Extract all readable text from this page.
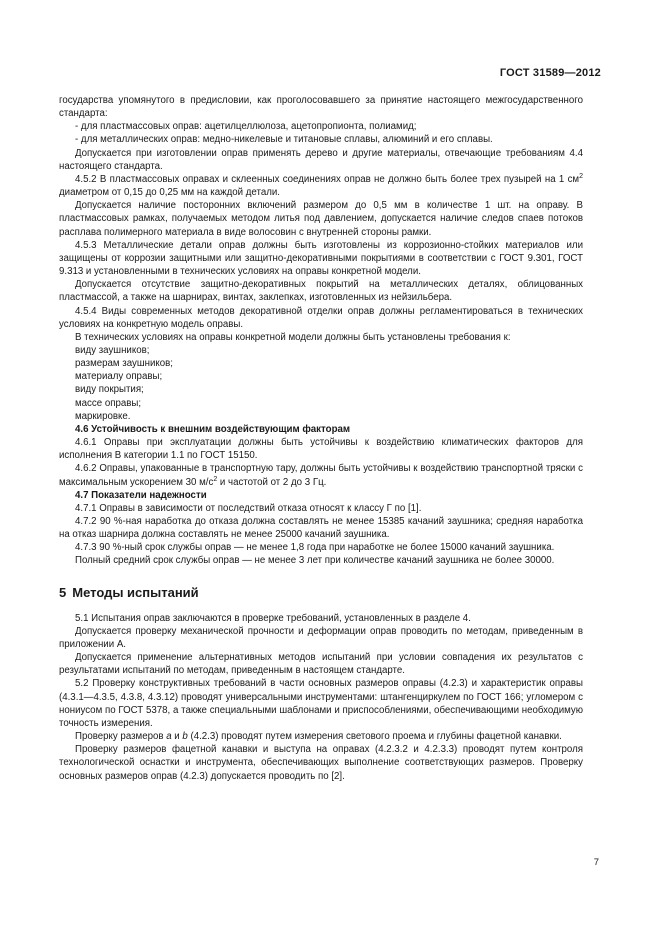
ГОСТ 31589—2012

государства упомянутого в предисловии, как проголосовавшего за принятие настоящего межгосударственного стандарта:

- для пластмассовых оправ: ацетилцеллюлоза, ацетопропионта, полиамид;

- для металлических оправ: медно-никелевые и титановые сплавы, алюминий и его сплавы.

Допускается при изготовлении оправ применять дерево и другие материалы, отвечающие требованиям 4.4 настоящего стандарта.

4.5.2 В пластмассовых оправах и склеенных соединениях оправ не должно быть более трех пузырей на 1 $см^2$ диаметром от 0,15 до 0,25 мм на каждой детали.

Допускается наличие посторонних включений размером до 0,5 мм в количестве 1 шт. на оправу. В пластмассовых рамках, получаемых методом литья под давлением, допускается наличие следов спаев потоков расплава полимерного материала в виде волосовин с внутренней стороны рамки.

4.5.3 Металлические детали оправ должны быть изготовлены из коррозионно-стойких материалов или защищены от коррозии защитными или защитно-декоративными покрытиями в соответствии с ГОСТ 9.301, ГОСТ 9.313 и установленными в технических условиях на оправы конкретной модели.

Допускается отсутствие защитно-декоративных покрытий на металлических деталях, облицованных пластмассой, а также на шарнирах, винтах, заклепках, изготовленных из нейзильбера.

4.5.4 Виды современных методов декоративной отделки оправ должны регламентироваться в технических условиях на конкретную модель оправы.

В технических условиях на оправы конкретной модели должны быть установлены требования к:

виду заушников;

размерам заушников;

материалу оправы;

виду покрытия;

массе оправы;

маркировке.

4.6 Устойчивость к внешним воздействующим факторам

4.6.1 Оправы при эксплуатации должны быть устойчивы к воздействию климатических факторов для исполнения В категории 1.1 по ГОСТ 15150.

4.6.2 Оправы, упакованные в транспортную тару, должны быть устойчивы к воздействию транспортной тряски с максимальным ускорением 30 $м/с^2$ и частотой от 2 до 3 Гц.

4.7 Показатели надежности

4.7.1 Оправы в зависимости от последствий отказа относят к классу Г по [1].

4.7.2 90 %-ная наработка до отказа должна составлять не менее 15385 качаний заушника; средняя наработка на отказ шарнира должна составлять не менее 25000 качаний заушника.

4.7.3 90 %-ный срок службы оправ — не менее 1,8 года при наработке не более 15000 качаний заушника.

Полный средний срок службы оправ — не менее 3 лет при количестве качаний заушника не более 30000.

5 Методы испытаний

5.1 Испытания оправ заключаются в проверке требований, установленных в разделе 4.

Допускается проверку механической прочности и деформации оправ проводить по методам, приведенным в приложении А.

Допускается применение альтернативных методов испытаний при условии совпадения их результатов с результатами испытаний по методам, приведенным в настоящем стандарте.

5.2 Проверку конструктивных требований в части основных размеров оправы (4.2.3) и характеристик оправы (4.3.1—4.3.5, 4.3.8, 4.3.12) проводят универсальными инструментами: штангенциркулем по ГОСТ 166; угломером с нониусом по ГОСТ 5378, а также специальными шаблонами и приспособлениями, обеспечивающими необходимую точность измерения.

Проверку размеров a и b (4.2.3) проводят путем измерения светового проема и глубины фацетной канавки.

Проверку размеров фацетной канавки и выступа на оправах (4.2.3.2 и 4.2.3.3) проводят путем контроля технологической оснастки и инструмента, обеспечивающих выполнение соответствующих размеров. Проверку основных размеров оправ (4.2.3) допускается проводить по [2].

7
